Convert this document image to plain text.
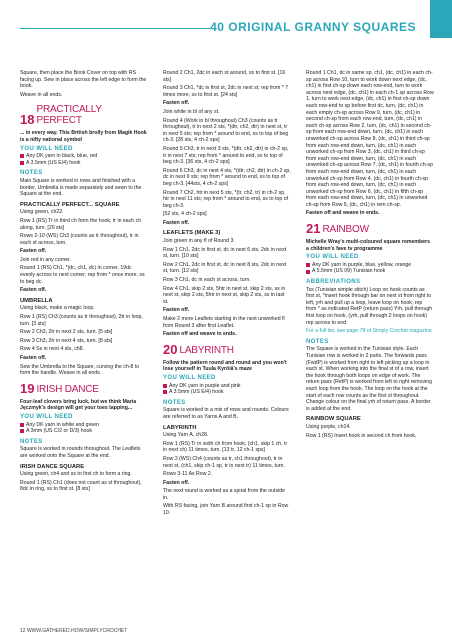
40 ORIGINAL GRANNY SQUARES

Square, then place the Book Cover on top with RS facing up. Sew in place across the left edge to form the book.

Weave in all ends.

18
PRACTICALLY PERFECT

... in every way. This British brolly from Magik Hook is a nifty national symbol

YOU WILL NEED
Any DK yarn in black, blue, red
A 3.5mm (US E/4) hook
NOTES

Main Square is worked in rows and finished with a border. Umbrella is made separately and sewn to the Square at the end.

PRACTICALLY PERFECT... SQUARE

Using green, ch22.

Row 1 (RS) Tr in third ch from the hook, tr in each ch along, turn. [20 sts]

Rows 2-10 (WS) Ch3 (counts as tr throughout), tr in each st across, turn.

Fasten off.

Join red in any corner.

Round 1 (RS) Ch1, *(dc, ch1, dc) in corner, 19dc evenly across to next corner; rep from * once more, ss to beg dc.

Fasten off.

UMBRELLA

Using black, make a magic loop.

Row 1 (RS) Ch3 (counts as tr throughout), 2tr in loop, turn. [3 sts]

Row 2 Ch3, 2tr in next 2 sts, turn. [5 sts]

Row 3 Ch3, 2tr in next 4 sts, turn. [8 sts]

Row 4 Ss in next 4 sts, ch8.

Fasten off.

Sew the Umbrella to the Square, curving the ch-8 to form the handle. Weave in all ends.

19 IRISH DANCE

Four-leaf clovers bring luck, but we think Maria Jęczmyk's design will get your toes tapping...

YOU WILL NEED
Any DK yarn in white and green
A 3mm (US C/2 or D/3) hook
NOTES

Square is worked in rounds throughout. The Leaflets are worked onto the Square at the end.

IRISH DANCE SQUARE

Using green, ch4 and ss to first ch to form a ring.

Round 1 (RS) Ch1 (does not count as st throughout), 8dc in ring, ss to first st. [8 sts]

Round 2 Ch1, 2dc in each st around, ss to first st. [16 sts]

Round 3 Ch1, *dc in first st, 2dc in next st; rep from * 7 times more, ss to first st. [24 sts]

Fasten off.

Join white in bl of any st.

Round 4 (Work in bl throughout) Ch3 (counts as tr throughout), tr in next 2 sts, *(dtr, ch2, dtr) in next st, tr in next 5 sts; rep from * around to end, ss to top of beg ch-3. [28 sts, 4 ch-2 sps]

Round 5 Ch3, tr in next 3 sts, *(dtr, ch2, dtr) in ch-2 sp, tr in next 7 sts; rep from * around to end, ss to top of beg ch-3. [36 sts, 4 ch-2 sps]

Round 6 Ch3, dc in next 4 sts, *(dtr, ch2, dtr) in ch-2 sp, dc in next 9 sts; rep from * around to end, ss to top of beg ch-3. [44sts, 4 ch-2 sps]

Round 7 Ch2, htr in next 5 sts, *(tr, ch2, tr) in ch-2 sp, htr in next 11 sts; rep from * around to end, ss to top of beg ch-3.

[52 sts, 4 ch-2 sps]

Fasten off.

LEAFLETS (MAKE 3)

Join green in any fl of Round 3.

Row 1 Ch1, 2dc in first st, dc in next 6 sts, 2dc in next st, turn. [10 sts]

Row 2 Ch1, 2dc in first st, dc in next 8 sts, 2dc in next st, turn. [12 sts]

Row 3 Ch1, dc in each st across, turn.

Row 4 Ch1, skip 2 sts, 5htr in next st, skip 2 sts, ss in next st, skip 2 sts, 5htr in next st, skip 2 sts, ss in last st.

Fasten off.

Make 2 more Leaflets starting in the next unworked fl from Round 3 after first Leaflet.

Fasten off and weave in ends.

20 LABYRINTH

Follow the pattern round and round and you won't lose yourself in Tuula Kyröiä's maze

YOU WILL NEED
Any DK yarn in purple and pink
A 3.5mm (US E/4) hook
NOTES

Square is worked in a mix of rows and rounds. Colours are referred to as Yarns A and B.

LABYRINTH

Using Yarn A, ch28.

Row 1 (RS) Tr in sixth ch from hook, (ch1, skip 1 ch, tr in next ch) 11 times, turn. [13 tr, 12 ch-1 sps]

Row 2 (WS) Ch4 (counts as tr, ch1 throughout), tr in next st, (ch1, skip ch-1 sp, tr in next tr) 11 times, turn.

Rows 3-11 As Row 2.

Fasten off.

The next round is worked as a spiral from the outside in.

With RS facing, join Yarn B around first ch-1 sp in Row 10.

Round 1 Ch1, dc in same sp, ch1, (dc, ch1) in each ch-sp across Row 10, turn to work down next edge, (dc, ch1) in first ch-sp down each row-end, turn to work across next edge, (dc, ch1) in each ch-1 sp across Row 1, turn to work next edge, (dc, ch1) in first ch-sp down each row-end to sp before first dc, turn, (dc, ch1) in each empty ch-sp across Row 9, turn, (dc, ch1) in second ch-sp from each row-end, turn, (dc, ch1) in each ch-sp across Row 2, turn, (dc, ch1) in second ch-sp from each row-end down, turn, (dc, ch1) in each unworked ch-sp across Row 8, (dc, ch1) in third ch-sp from each row-end down, turn, (dc, ch1) in each unworked ch-sp from Row 3, (dc, ch1) in third ch-sp from each row-end down, turn, (dc, ch1) in each unworked ch-sp across Row 7, (dc, ch1) in fourth ch-sp from each row-end down, turn, (dc, ch1) in each unworked ch-sp from Row 4, (dc, ch1) in fourth ch-sp from each row-end down, turn, (dc, ch1) in each unworked ch-sp from Row 6, (dc, ch1) in fifth ch-sp from each row-end down, turn, (dc, ch1) in unworked ch-sp from Row 5, (dc, ch1) in rem ch-sp.

Fasten off and weave in ends.

21 RAINBOW

Michelle Wray's multi-coloured square remembers a children's fave tv programme

YOU WILL NEED
Any DK yarn in purple, blue, yellow, orange
A 5.5mm (US I/9) Tunisian hook
ABBREVIATIONS

Tss (Tunisian simple stitch) Loop on hook counts as first st, *insert hook through bar on next st from right to left, yrh and pull up a loop, leave loop on hook; rep from * as indicated RetP (return pass) Yrh, pull through first loop on hook, (yrh, pull through 2 loops on hook) rep across to end

For a full list, see page 78 of Simply Crochet magazine

NOTES

The Square is worked in the Tunisian style. Each Tunisian row is worked in 2 parts. The forwards pass (FwdP) is worked from right to left picking up a loop in each st. When working into the final st of a row, insert the hook through both loops on edge of work. The return pass (RetP) is worked from left to right removing each loop from the hook. The loop on the hook at the start of each row counts as the first st throughout. Change colour on the final yrh of return pass. A border is added at the end.

RAINBOW SQUARE

Using purple, ch14.

Row 1 (RS) Insert hook in second ch from hook,

12 WWW.GATHERED.HOW/SIMPLYCROCHET
